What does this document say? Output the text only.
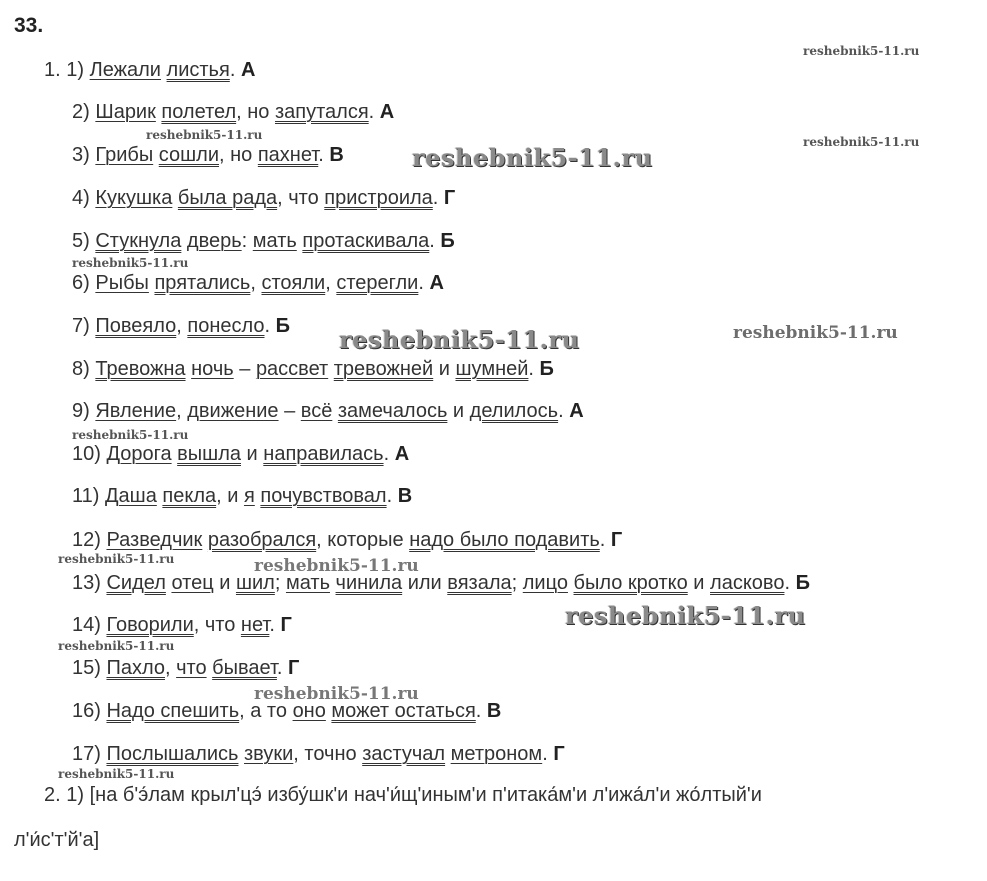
33.
1. 1) Лежали листья. А
2) Шарик полетел, но запутался. А
3) Грибы сошли, но пахнет. В
4) Кукушка была рада, что пристроила. Г
5) Стукнула дверь: мать протаскивала. Б
6) Рыбы прятались, стояли, стерегли. А
7) Повеяло, понесло. Б
8) Тревожна ночь – рассвет тревожней и шумней. Б
9) Явление, движение – всё замечалось и делилось. А
10) Дорога вышла и направилась. А
11) Даша пекла, и я почувствовал. В
12) Разведчик разобрался, которые надо было подавить. Г
13) Сидел отец и шил; мать чинила или вязала; лицо было кротко и ласково. Б
14) Говорили, что нет. Г
15) Пахло, что бывает. Г
16) Надо спешить, а то оно может остаться. В
17) Послышались звуки, точно застучал метроном. Г
2. 1) [на б'э́лам крыл'цэ́ избу́шк'и нач'и́щ'иным'и п'итака́м'и л'ижа́л'и жо́лтый'и
л'и́с'т'й'а]
reshebnik5-11.ru
reshebnik5-11.ru
reshebnik5-11.ru
reshebnik5-11.ru
reshebnik5-11.ru
reshebnik5-11.ru	reshebnik5-11.ru
reshebnik5-11.ru
reshebnik5-11.ru	reshebnik5-11.ru
reshebnik5-11.ru
reshebnik5-11.ru
reshebnik5-11.ru
reshebnik5-11.ru
